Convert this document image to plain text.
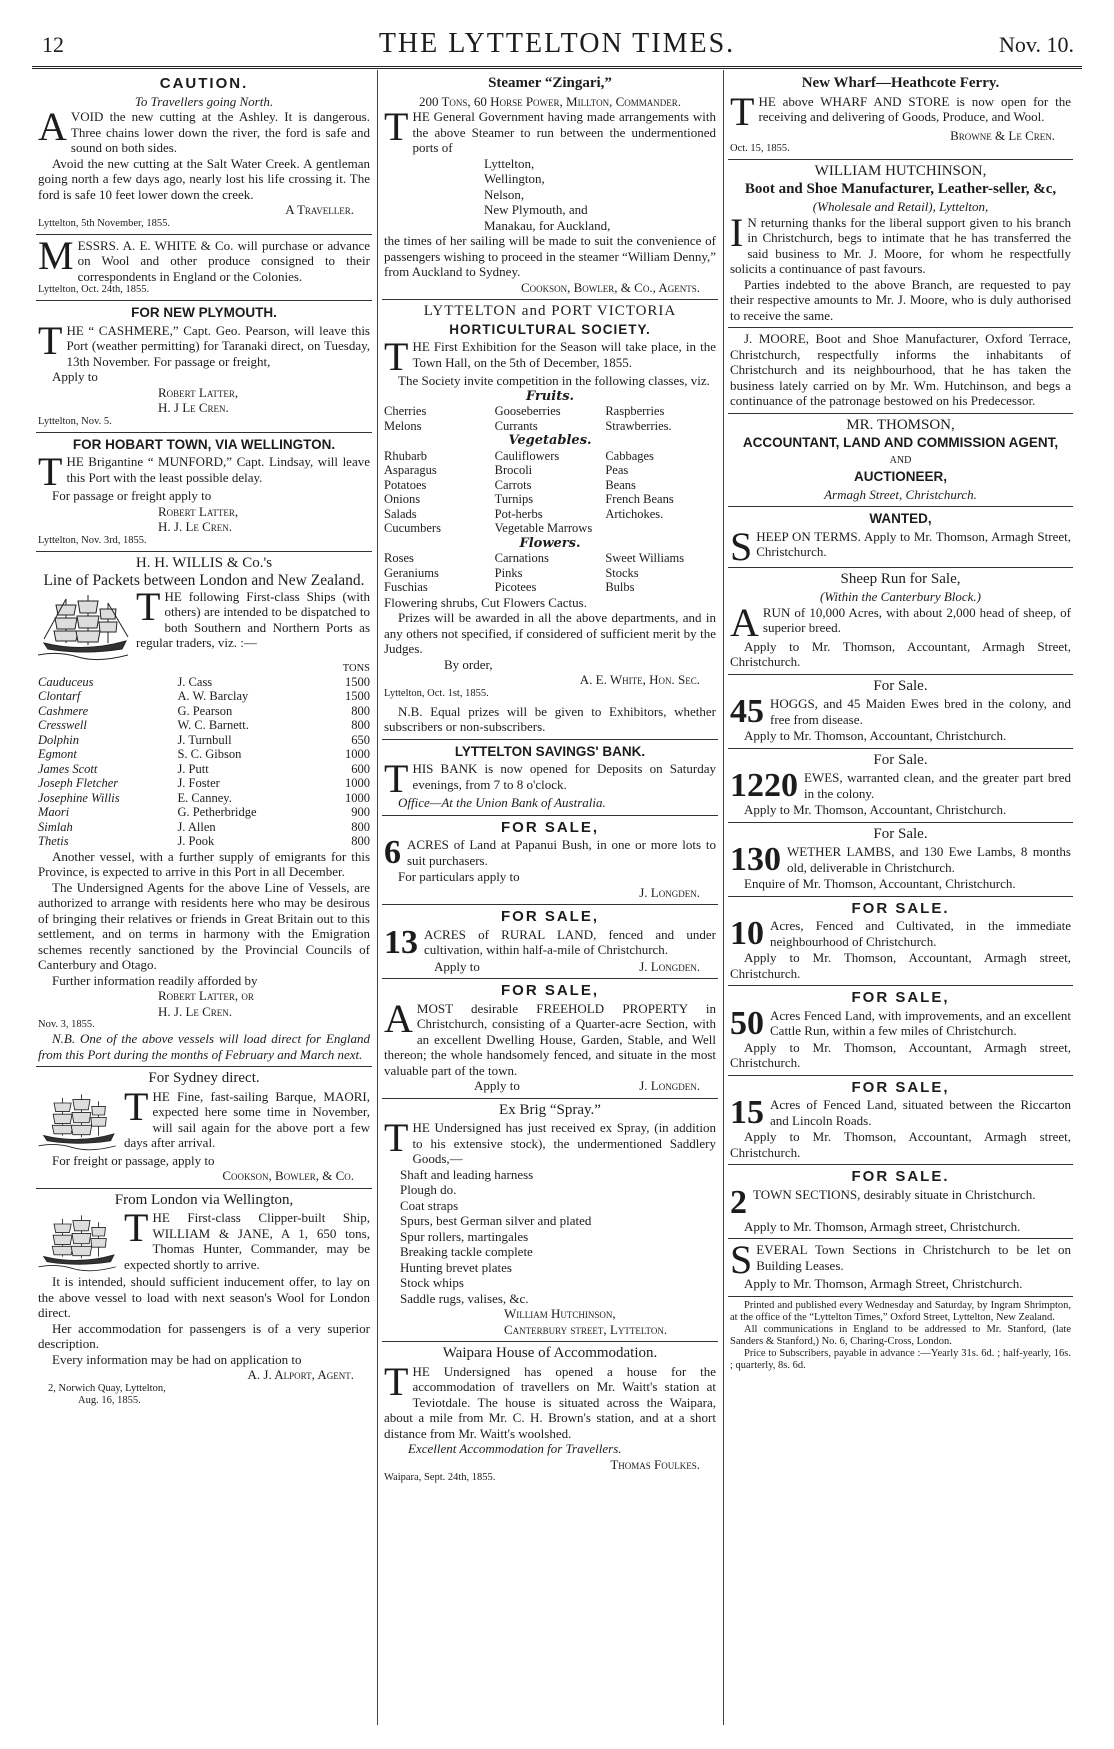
12	THE LYTTELTON TIMES.	Nov. 10.
CAUTION.
To Travellers going North.

AVOID the new cutting at the Ashley. It is dangerous. Three chains lower down the river, the ford is safe and sound on both sides.

Avoid the new cutting at the Salt Water Creek. A gentleman going north a few days ago, nearly lost his life crossing it. The ford is safe 10 feet lower down the creek.

A Traveller.
Lyttelton, 5th November, 1855.

MESSRS. A. E. WHITE & Co. will purchase or advance on Wool and other produce consigned to their correspondents in England or the Colonies.

Lyttelton, Oct. 24th, 1855.
FOR NEW PLYMOUTH.

THE “ CASHMERE,” Capt. Geo. Pearson, will leave this Port (weather permitting) for Taranaki direct, on Tuesday, 13th November. For passage or freight,

Apply to
Robert Latter,
H. J Le Cren.
Lyttelton, Nov. 5.
FOR HOBART TOWN, VIA WELLINGTON.

THE Brigantine “ MUNFORD,” Capt. Lindsay, will leave this Port with the least possible delay.

For passage or freight apply to
Robert Latter,
H. J. Le Cren.
Lyttelton, Nov. 3rd, 1855.
H. H. WILLIS & Co.'s
Line of Packets between London and New Zealand.

THE following First-class Ships (with others) are intended to be dispatched to both Southern and Northern Ports as regular traders, viz. :—

		TONS
Cauduceus	J. Cass	1500
Clontarf	A. W. Barclay	1500
Cashmere	G. Pearson	800
Cresswell	W. C. Barnett.	800
Dolphin	J. Turnbull	650
Egmont	S. C. Gibson	1000
James Scott	J. Putt	600
Joseph Fletcher	J. Foster	1000
Josephine Willis	E. Canney.	1000
Maori	G. Petherbridge	900
Simlah	J. Allen	800
Thetis	J. Pook	800

Another vessel, with a further supply of emigrants for this Province, is expected to arrive in this Port in all December.

The Undersigned Agents for the above Line of Vessels, are authorized to arrange with residents here who may be desirous of bringing their relatives or friends in Great Britain out to this settlement, and on terms in harmony with the Emigration schemes recently sanctioned by the Provincial Councils of Canterbury and Otago.

Further information readily afforded by

Robert Latter, or
H. J. Le Cren.
Nov. 3, 1855.

N.B. One of the above vessels will load direct for England from this Port during the months of February and March next.

For Sydney direct.

THE Fine, fast-sailing Barque, MAORI, expected here some time in November, will sail again for the above port a few days after arrival.

For freight or passage, apply to
Cookson, Bowler, & Co.
From London via Wellington,

THE First-class Clipper-built Ship, WILLIAM & JANE, A 1, 650 tons, Thomas Hunter, Commander, may be expected shortly to arrive.

It is intended, should sufficient inducement offer, to lay on the above vessel to load with next season's Wool for London direct.

Her accommodation for passengers is of a very superior description.

Every information may be had on application to

A. J. Alport, Agent.
2, Norwich Quay, Lyttelton,
Aug. 16, 1855.
Steamer “Zingari,”
200 Tons, 60 Horse Power, Millton, Commander.

THE General Government having made arrangements with the above Steamer to run between the undermentioned ports of

Lyttelton,
Wellington,
Nelson,
New Plymouth, and
Manakau, for Auckland,

the times of her sailing will be made to suit the convenience of passengers wishing to proceed in the steamer “William Denny,” from Auckland to Sydney.

Cookson, Bowler, & Co., Agents.
LYTTELTON and PORT VICTORIA
HORTICULTURAL SOCIETY.

THE First Exhibition for the Season will take place, in the Town Hall, on the 5th of December, 1855.

The Society invite competition in the following classes, viz.

Fruits.
Cherries	Gooseberries	Raspberries
Melons	Currants	Strawberries.
Vegetables.
Rhubarb	Cauliflowers	Cabbages
Asparagus	Brocoli	Peas
Potatoes	Carrots	Beans
Onions	Turnips	French Beans
Salads	Pot-herbs	Artichokes.
Cucumbers	Vegetable Marrows
Flowers.
Roses	Carnations	Sweet Williams
Geraniums	Pinks	Stocks
Fuschias	Picotees	Bulbs
Flowering shrubs, Cut Flowers Cactus.

Prizes will be awarded in all the above departments, and in any others not specified, if considered of sufficient merit by the Judges.

By order,
A. E. White, Hon. Sec.
Lyttelton, Oct. 1st, 1855.

N.B. Equal prizes will be given to Exhibitors, whether subscribers or non-subscribers.

LYTTELTON SAVINGS' BANK.

THIS BANK is now opened for Deposits on Saturday evenings, from 7 to 8 o'clock.

Office—At the Union Bank of Australia.
FOR SALE,

6 ACRES of Land at Papanui Bush, in one or more lots to suit purchasers.

For particulars apply to
J. Longden.
FOR SALE,

13 ACRES of RURAL LAND, fenced and under cultivation, within half-a-mile of Christchurch.

Apply to	J. Longden.
FOR SALE,

AMOST desirable FREEHOLD PROPERTY in Christchurch, consisting of a Quarter-acre Section, with an excellent Dwelling House, Garden, Stable, and Well thereon; the whole handsomely fenced, and situate in the most valuable part of the town.

Apply to	J. Longden.
Ex Brig “Spray.”

THE Undersigned has just received ex Spray, (in addition to his extensive stock), the undermentioned Saddlery Goods,—

Shaft and leading harness
Plough do.
Coat straps
Spurs, best German silver and plated
Spur rollers, martingales
Breaking tackle complete
Hunting brevet plates
Stock whips
Saddle rugs, valises, &c.
William Hutchinson,
Canterbury street, Lyttelton.
Waipara House of Accommodation.

THE Undersigned has opened a house for the accommodation of travellers on Mr. Waitt's station at Teviotdale. The house is situated across the Waipara, about a mile from Mr. C. H. Brown's station, and at a short distance from Mr. Waitt's woolshed.

Excellent Accommodation for Travellers.
Thomas Foulkes.
Waipara, Sept. 24th, 1855.
New Wharf—Heathcote Ferry.

THE above WHARF AND STORE is now open for the receiving and delivering of Goods, Produce, and Wool.

Browne & Le Cren.
Oct. 15, 1855.
WILLIAM HUTCHINSON,
Boot and Shoe Manufacturer, Leather-seller, &c,
(Wholesale and Retail), Lyttelton,

I N returning thanks for the liberal support given to his branch in Christchurch, begs to intimate that he has transferred the said business to Mr. J. Moore, for whom he respectfully solicits a continuance of past favours.

Parties indebted to the above Branch, are requested to pay their respective amounts to Mr. J. Moore, who is duly authorised to receive the same.

J. MOORE, Boot and Shoe Manufacturer, Oxford Terrace, Christchurch, respectfully informs the inhabitants of Christchurch and its neighbourhood, that he has taken the business lately carried on by Mr. Wm. Hutchinson, and begs a continuance of the patronage bestowed on his Predecessor.

MR. THOMSON,
ACCOUNTANT, LAND AND COMMISSION AGENT,
AND
AUCTIONEER,
Armagh Street, Christchurch.
WANTED,

SHEEP ON TERMS. Apply to Mr. Thomson, Armagh Street, Christchurch.

Sheep Run for Sale,
(Within the Canterbury Block.)

ARUN of 10,000 Acres, with about 2,000 head of sheep, of superior breed.

Apply to Mr. Thomson, Accountant, Armagh Street, Christchurch.

For Sale.

45 HOGGS, and 45 Maiden Ewes bred in the colony, and free from disease.

Apply to Mr. Thomson, Accountant, Christchurch.

For Sale.

1220 EWES, warranted clean, and the greater part bred in the colony.

Apply to Mr. Thomson, Accountant, Christchurch.

For Sale.

130 WETHER LAMBS, and 130 Ewe Lambs, 8 months old, deliverable in Christchurch.

Enquire of Mr. Thomson, Accountant, Christchurch.

FOR SALE.

10 Acres, Fenced and Cultivated, in the immediate neighbourhood of Christchurch.

Apply to Mr. Thomson, Accountant, Armagh street, Christchurch.

FOR SALE,

50 Acres Fenced Land, with improvements, and an excellent Cattle Run, within a few miles of Christchurch.

Apply to Mr. Thomson, Accountant, Armagh street, Christchurch.

FOR SALE,

15 Acres of Fenced Land, situated between the Riccarton and Lincoln Roads.

Apply to Mr. Thomson, Accountant, Armagh street, Christchurch.

FOR SALE.

2 TOWN SECTIONS, desirably situate in Christchurch.

Apply to Mr. Thomson, Armagh street, Christchurch.

SEVERAL Town Sections in Christchurch to be let on Building Leases.

Apply to Mr. Thomson, Armagh Street, Christchurch.

Printed and published every Wednesday and Saturday, by Ingram Shrimpton, at the office of the “Lyttelton Times,” Oxford Street, Lyttelton, New Zealand.

All communications in England to be addressed to Mr. Stanford, (late Sanders & Stanford,) No. 6, Charing-Cross, London.

Price to Subscribers, payable in advance :—Yearly 31s. 6d. ; half-yearly, 16s. ; quarterly, 8s. 6d.
